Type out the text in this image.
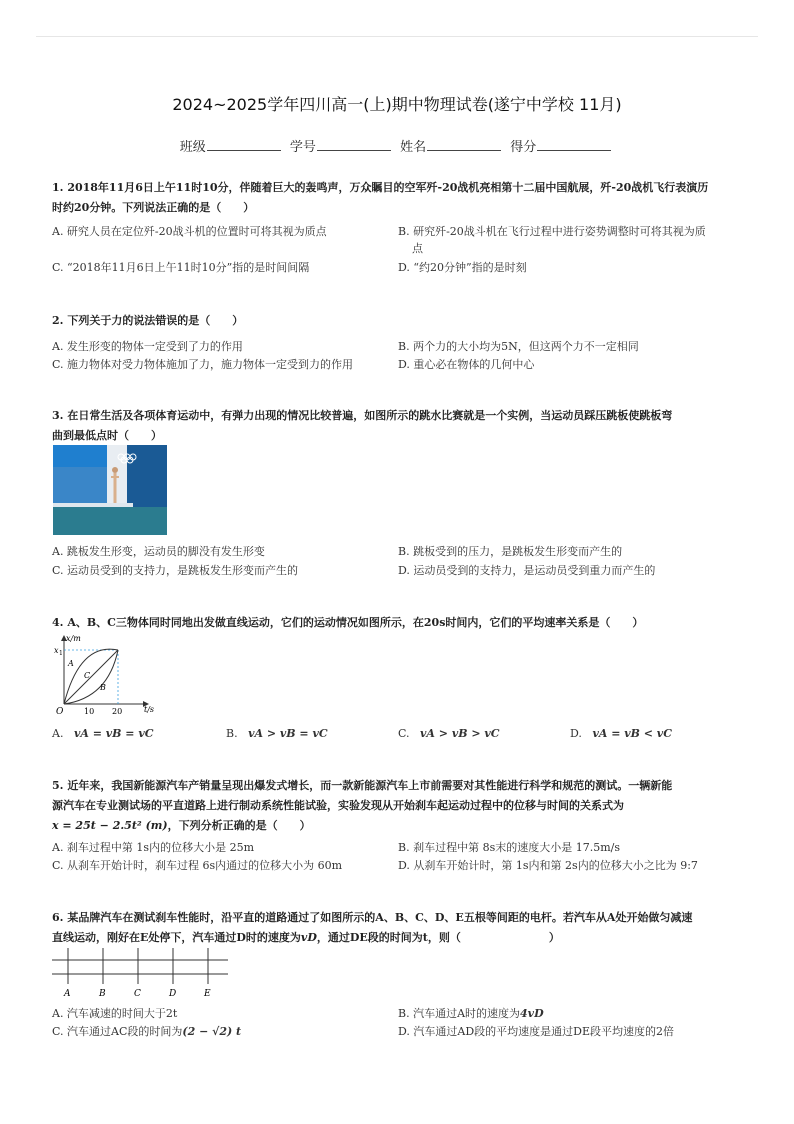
2024~2025学年四川高一(上)期中物理试卷(遂宁中学校 11月)
班级	学号	姓名	得分
1. 2018年11月6日上午11时10分，伴随着巨大的轰鸣声，万众瞩目的空军歼-20战机亮相第十二届中国航展，歼-20战机飞行表演历
时约20分钟。下列说法正确的是（　　）
A. 研究人员在定位歼-20战斗机的位置时可将其视为质点	B. 研究歼-20战斗机在飞行过程中进行姿势调整时可将其视为质
点
C. “2018年11月6日上午11时10分”指的是时间间隔	D. “约20分钟”指的是时刻
2. 下列关于力的说法错误的是（　　）
A. 发生形变的物体一定受到了力的作用	B. 两个力的大小均为5N，但这两个力不一定相同
C. 施力物体对受力物体施加了力，施力物体一定受到力的作用	D. 重心必在物体的几何中心
3. 在日常生活及各项体育运动中，有弹力出现的情况比较普遍，如图所示的跳水比赛就是一个实例，当运动员踩压跳板使跳板弯
曲到最低点时（　　）
A. 跳板发生形变，运动员的脚没有发生形变	B. 跳板受到的压力，是跳板发生形变而产生的
C. 运动员受到的支持力，是跳板发生形变而产生的	D. 运动员受到的支持力，是运动员受到重力而产生的
4. A、B、C三物体同时同地出发做直线运动，它们的运动情况如图所示，在20s时间内，它们的平均速率关系是（　　）
x/m
x 1
t/s
O	10 20
A
C
B
A. vA = vB = vC	B. vA > vB = vC	C. vA > vB > vC	D. vA = vB < vC
5. 近年来，我国新能源汽车产销量呈现出爆发式增长，而一款新能源汽车上市前需要对其性能进行科学和规范的测试。一辆新能
源汽车在专业测试场的平直道路上进行制动系统性能试验，实验发现从开始刹车起运动过程中的位移与时间的关系式为
x = 25t − 2.5t² (m)，下列分析正确的是（　　）
A. 刹车过程中第 1s内的位移大小是 25m	B. 刹车过程中第 8s末的速度大小是 17.5m/s
C. 从刹车开始计时，刹车过程 6s内通过的位移大小为 60m	D. 从刹车开始计时，第 1s内和第 2s内的位移大小之比为 9:7
6. 某品牌汽车在测试刹车性能时，沿平直的道路通过了如图所示的A、B、C、D、E五根等间距的电杆。若汽车从A处开始做匀减速
直线运动，刚好在E处停下，汽车通过D时的速度为vD，通过DE段的时间为t，则（　　　　　　　　）
A	B	C	D	E
A. 汽车减速的时间大于2t	B. 汽车通过A时的速度为4vD
C. 汽车通过AC段的时间为(2 − √2) t	D. 汽车通过AD段的平均速度是通过DE段平均速度的2倍
